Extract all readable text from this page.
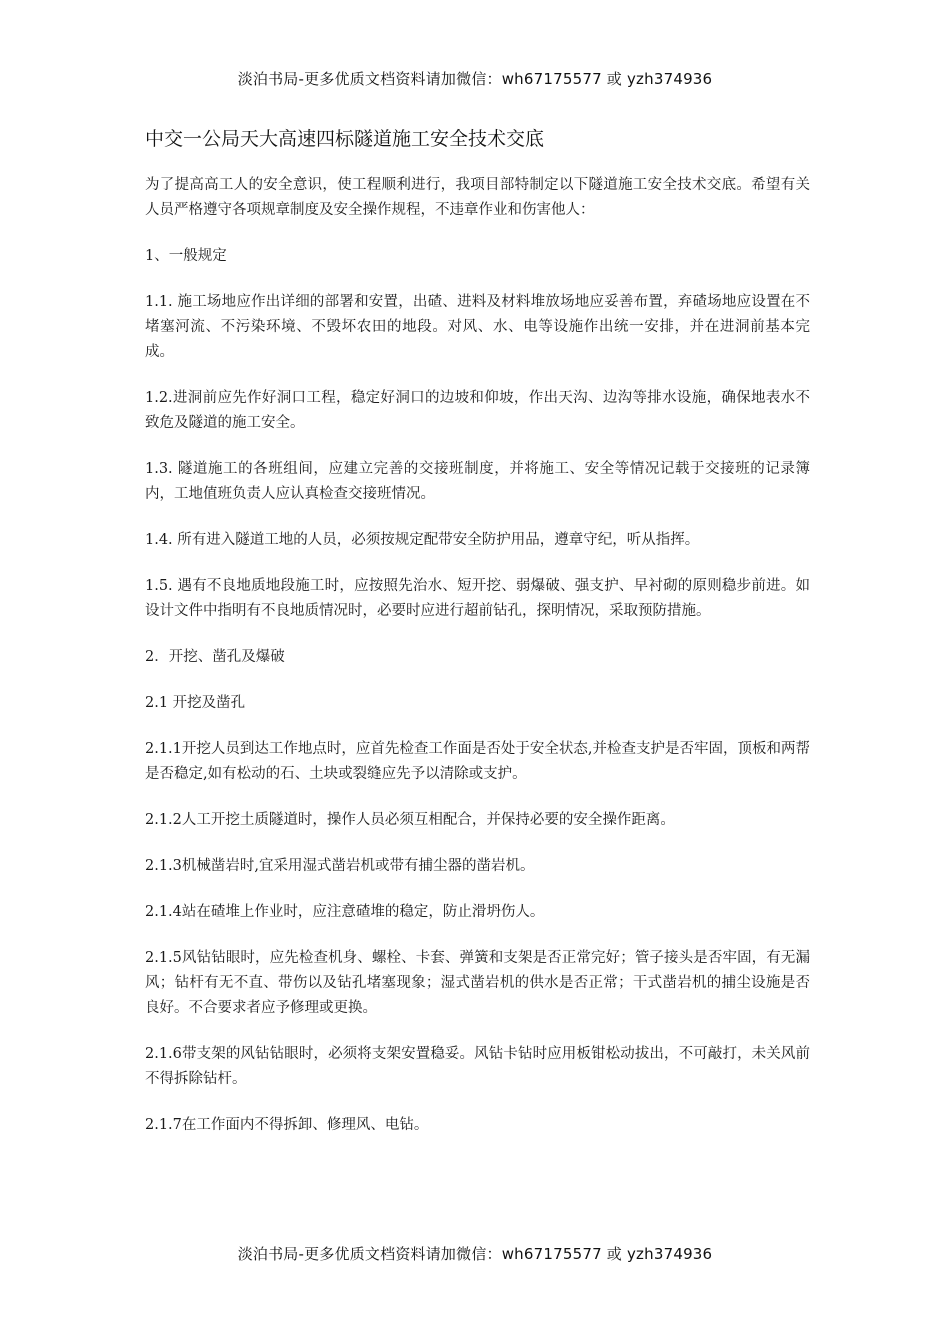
淡泊书局-更多优质文档资料请加微信：wh67175577 或 yzh374936
中交一公局天大高速四标隧道施工安全技术交底

为了提高高工人的安全意识，使工程顺利进行，我项目部特制定以下隧道施工安全技术交底。希望有关人员严格遵守各项规章制度及安全操作规程，不违章作业和伤害他人：

1、一般规定

1.1. 施工场地应作出详细的部署和安置，出碴、进料及材料堆放场地应妥善布置，弃碴场地应设置在不堵塞河流、不污染环境、不毁坏农田的地段。对风、水、电等设施作出统一安排，并在进洞前基本完成。

1.2.进洞前应先作好洞口工程，稳定好洞口的边坡和仰坡，作出天沟、边沟等排水设施，确保地表水不致危及隧道的施工安全。

1.3. 隧道施工的各班组间，应建立完善的交接班制度，并将施工、安全等情况记载于交接班的记录簿内，工地值班负责人应认真检查交接班情况。

1.4. 所有进入隧道工地的人员，必须按规定配带安全防护用品，遵章守纪，听从指挥。

1.5. 遇有不良地质地段施工时，应按照先治水、短开挖、弱爆破、强支护、早衬砌的原则稳步前进。如设计文件中指明有不良地质情况时，必要时应进行超前钻孔，探明情况，采取预防措施。

2．开挖、凿孔及爆破

2.1 开挖及凿孔

2.1.1开挖人员到达工作地点时，应首先检查工作面是否处于安全状态,并检查支护是否牢固，顶板和两帮是否稳定,如有松动的石、土块或裂缝应先予以清除或支护。

2.1.2人工开挖土质隧道时，操作人员必须互相配合，并保持必要的安全操作距离。

2.1.3机械凿岩时,宜采用湿式凿岩机或带有捕尘器的凿岩机。

2.1.4站在碴堆上作业时，应注意碴堆的稳定，防止滑坍伤人。

2.1.5风钻钻眼时，应先检查机身、螺栓、卡套、弹簧和支架是否正常完好；管子接头是否牢固，有无漏风；钻杆有无不直、带伤以及钻孔堵塞现象；湿式凿岩机的供水是否正常；干式凿岩机的捕尘设施是否良好。不合要求者应予修理或更换。

2.1.6带支架的风钻钻眼时，必须将支架安置稳妥。风钻卡钻时应用板钳松动拔出，不可敲打，未关风前不得拆除钻杆。

2.1.7在工作面内不得拆卸、修理风、电钻。

淡泊书局-更多优质文档资料请加微信：wh67175577 或 yzh374936
